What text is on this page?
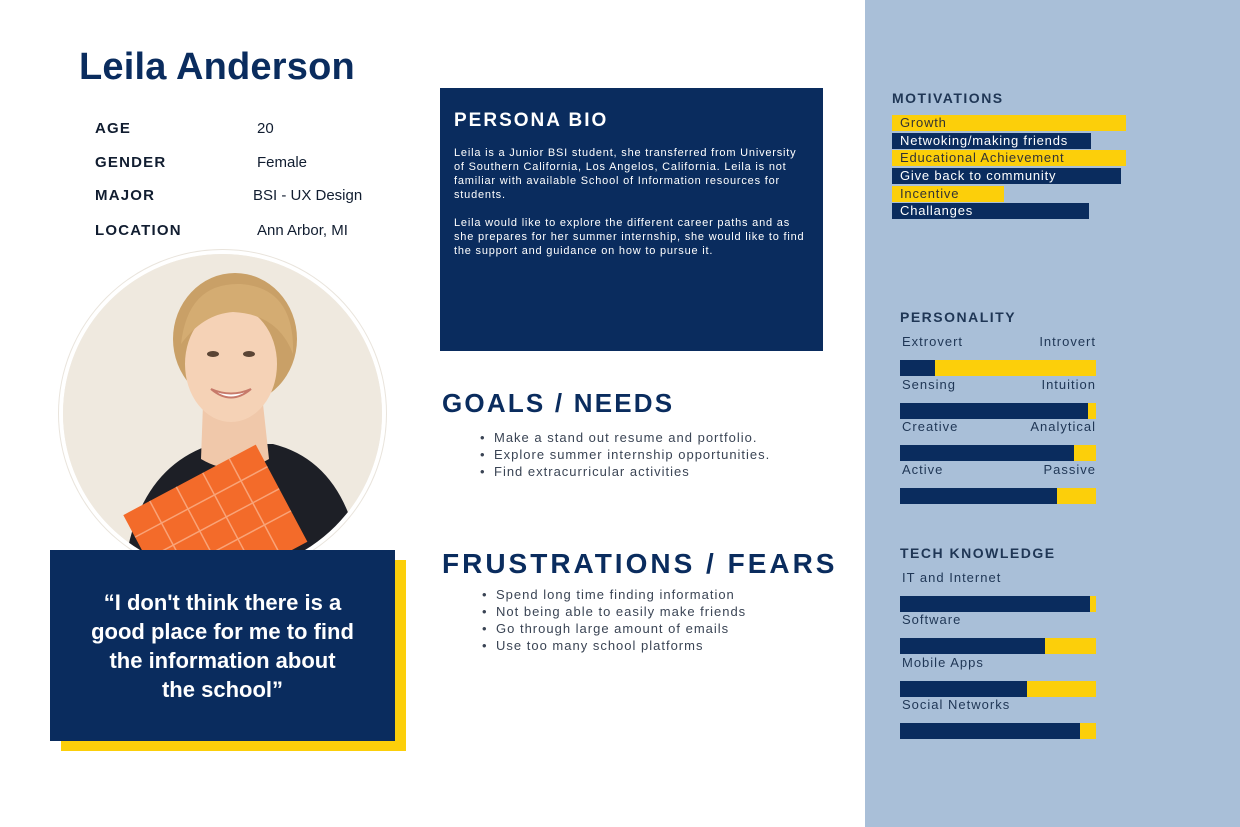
Leila Anderson
AGE	20
GENDER	Female
MAJOR	BSI - UX Design
LOCATION	Ann Arbor, MI
“I don't think there is a good place for me to find the information about the school”
PERSONA BIO

Leila is a Junior BSI student, she transferred from University of Southern California, Los Angelos, California. Leila is not familiar with available School of Information resources for students.

Leila would like to explore the different career paths and as she prepares for her summer internship, she would like to find the support and guidance on how to pursue it.

GOALS / NEEDS
• Make a stand out resume and portfolio.
• Explore summer internship opportunities.
• Find extracurricular activities
FRUSTRATIONS / FEARS
• Spend long time finding information
• Not being able to easily make friends
• Go through large amount of emails
• Use too many school platforms
MOTIVATIONS
Growth
Netwoking/making friends
Educational Achievement
Give back to community
Incentive
Challanges
PERSONALITY
Extrovert	Introvert
Sensing	Intuition
Creative	Analytical
Active	Passive
TECH KNOWLEDGE
IT and Internet
Software
Mobile Apps
Social Networks
